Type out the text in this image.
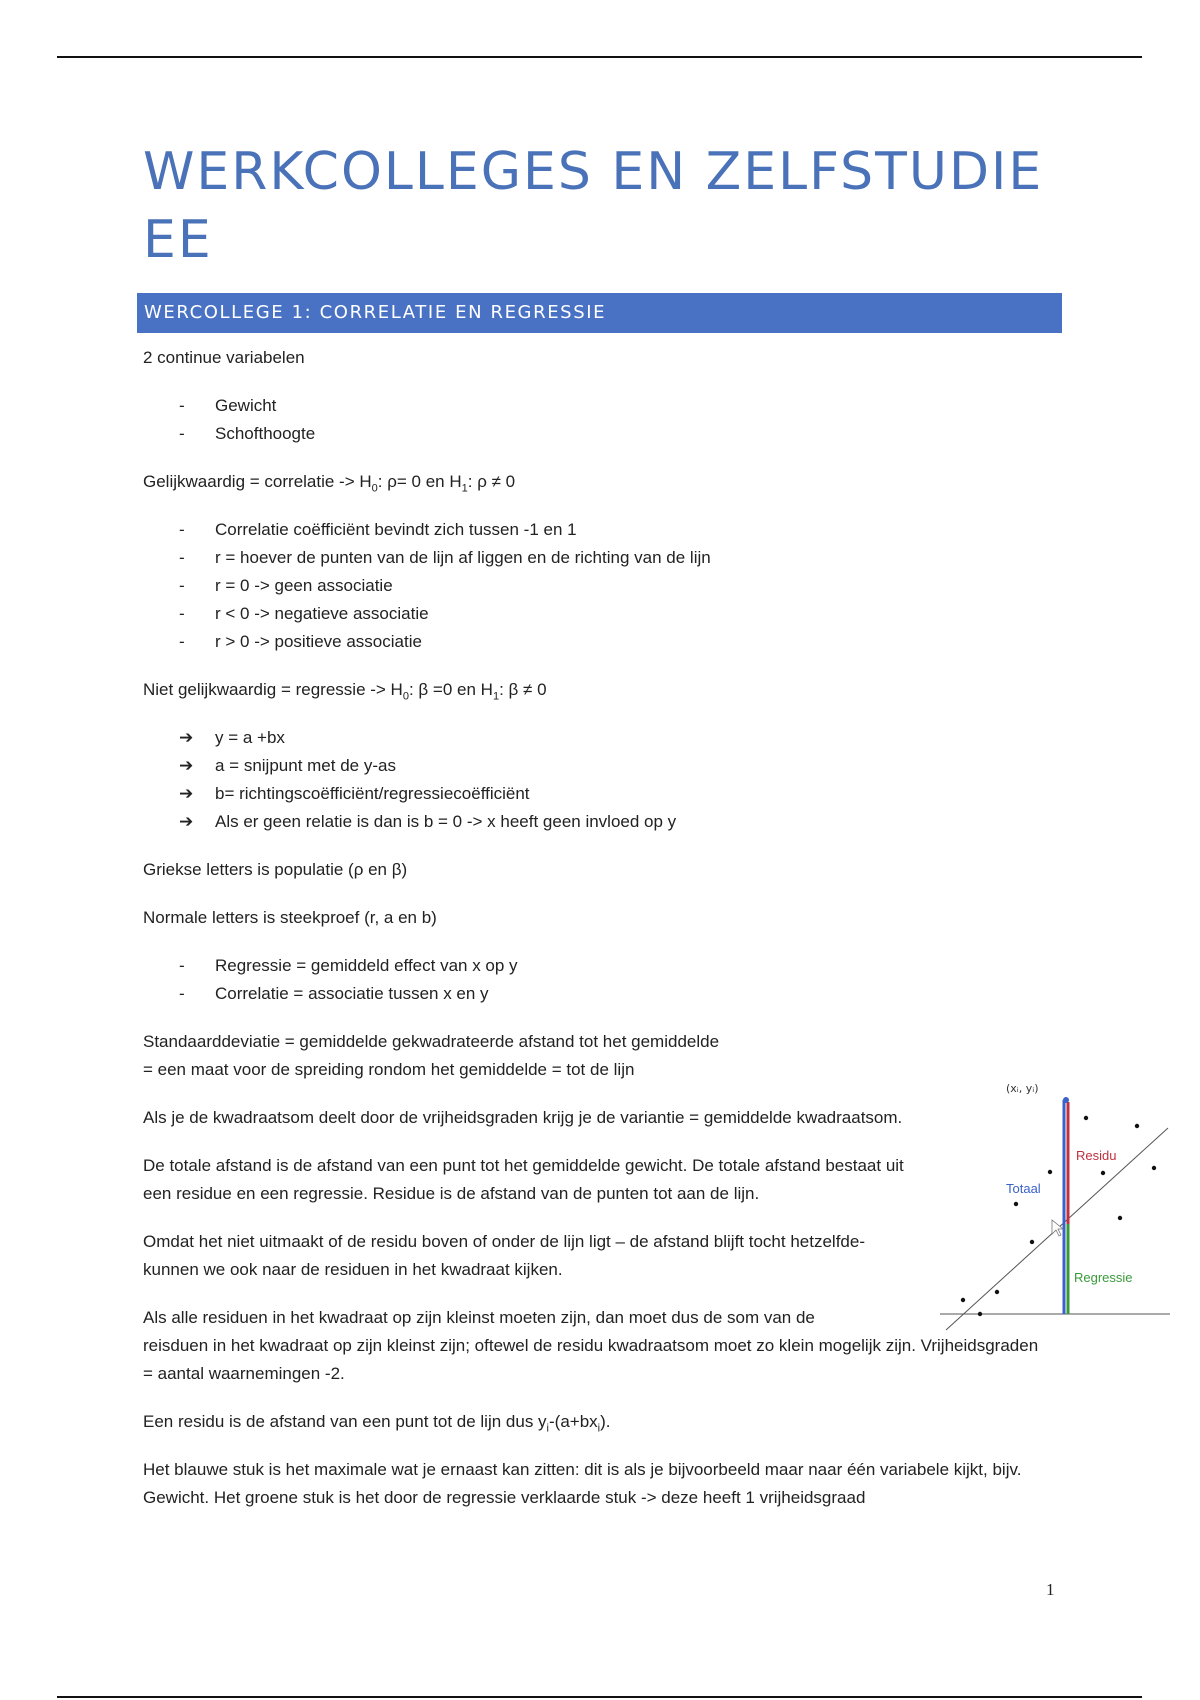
WERKCOLLEGES EN ZELFSTUDIE EE
WERCOLLEGE 1: CORRELATIE EN REGRESSIE

2 continue variabelen

-	Gewicht
-	Schofthoogte

Gelijkwaardig = correlatie -> $H_0$: ρ= 0 en $H_1$: ρ ≠ 0

-	Correlatie coëfficiënt bevindt zich tussen -1 en 1
-	r = hoever de punten van de lijn af liggen en de richting van de lijn
-	r = 0 -> geen associatie
-	r < 0 -> negatieve associatie
-	r > 0 -> positieve associatie

Niet gelijkwaardig = regressie -> $H_0$: β =0 en $H_1$: β ≠ 0

➔	y = a +bx
➔	a = snijpunt met de y-as
➔	b= richtingscoëfficiënt/regressiecoëfficiënt
➔	Als er geen relatie is dan is b = 0 -> x heeft geen invloed op y

Griekse letters is populatie (ρ en β)

Normale letters is steekproef (r, a en b)

-	Regressie = gemiddeld effect van x op y
-	Correlatie = associatie tussen x en y

Standaarddeviatie = gemiddelde gekwadrateerde afstand tot het gemiddelde
= een maat voor de spreiding rondom het gemiddelde = tot de lijn

Als je de kwadraatsom deelt door de vrijheidsgraden krijg je de variantie = gemiddelde kwadraatsom.

De totale afstand is de afstand van een punt tot het gemiddelde gewicht. De totale afstand bestaat uit een residue en een regressie. Residue is de afstand van de punten tot aan de lijn.

Omdat het niet uitmaakt of de residu boven of onder de lijn ligt – de afstand blijft tocht hetzelfde- kunnen we ook naar de residuen in het kwadraat kijken.

Als alle residuen in het kwadraat op zijn kleinst moeten zijn, dan moet dus de som van de
reisduen in het kwadraat op zijn kleinst zijn; oftewel de residu kwadraatsom moet zo klein mogelijk zijn. Vrijheidsgraden = aantal waarnemingen -2.

Een residu is de afstand van een punt tot de lijn dus $y_i-(a+bx_i)$.

Het blauwe stuk is het maximale wat je ernaast kan zitten: dit is als je bijvoorbeeld maar naar één variabele kijkt, bijv. Gewicht. Het groene stuk is het door de regressie verklaarde stuk -> deze heeft 1 vrijheidsgraad

(xᵢ, yᵢ)
Residu
Totaal
Regressie
1
